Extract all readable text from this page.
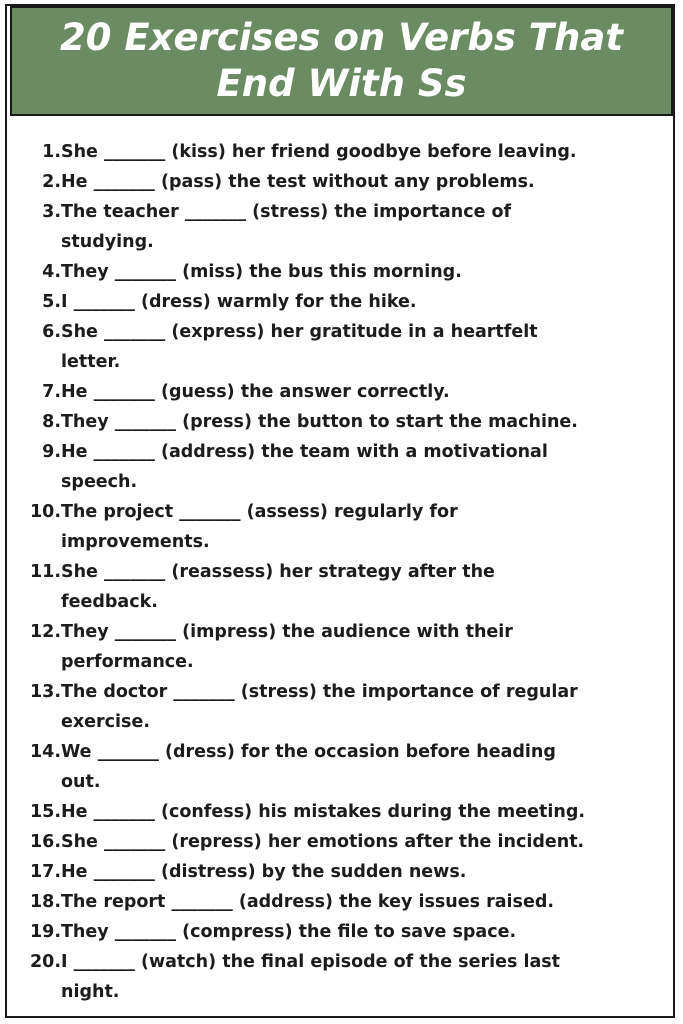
20 Exercises on Verbs That
End With Ss
1. She _______ (kiss) her friend goodbye before leaving.
2. He _______ (pass) the test without any problems.
3. The teacher _______ (stress) the importance of
studying.
4. They _______ (miss) the bus this morning.
5. I _______ (dress) warmly for the hike.
6. She _______ (express) her gratitude in a heartfelt
letter.
7. He _______ (guess) the answer correctly.
8. They _______ (press) the button to start the machine.
9. He _______ (address) the team with a motivational
speech.
10. The project _______ (assess) regularly for
improvements.
11. She _______ (reassess) her strategy after the
feedback.
12. They _______ (impress) the audience with their
performance.
13. The doctor _______ (stress) the importance of regular
exercise.
14. We _______ (dress) for the occasion before heading
out.
15. He _______ (confess) his mistakes during the meeting.
16. She _______ (repress) her emotions after the incident.
17. He _______ (distress) by the sudden news.
18. The report _______ (address) the key issues raised.
19. They _______ (compress) the file to save space.
20. I _______ (watch) the final episode of the series last
night.
